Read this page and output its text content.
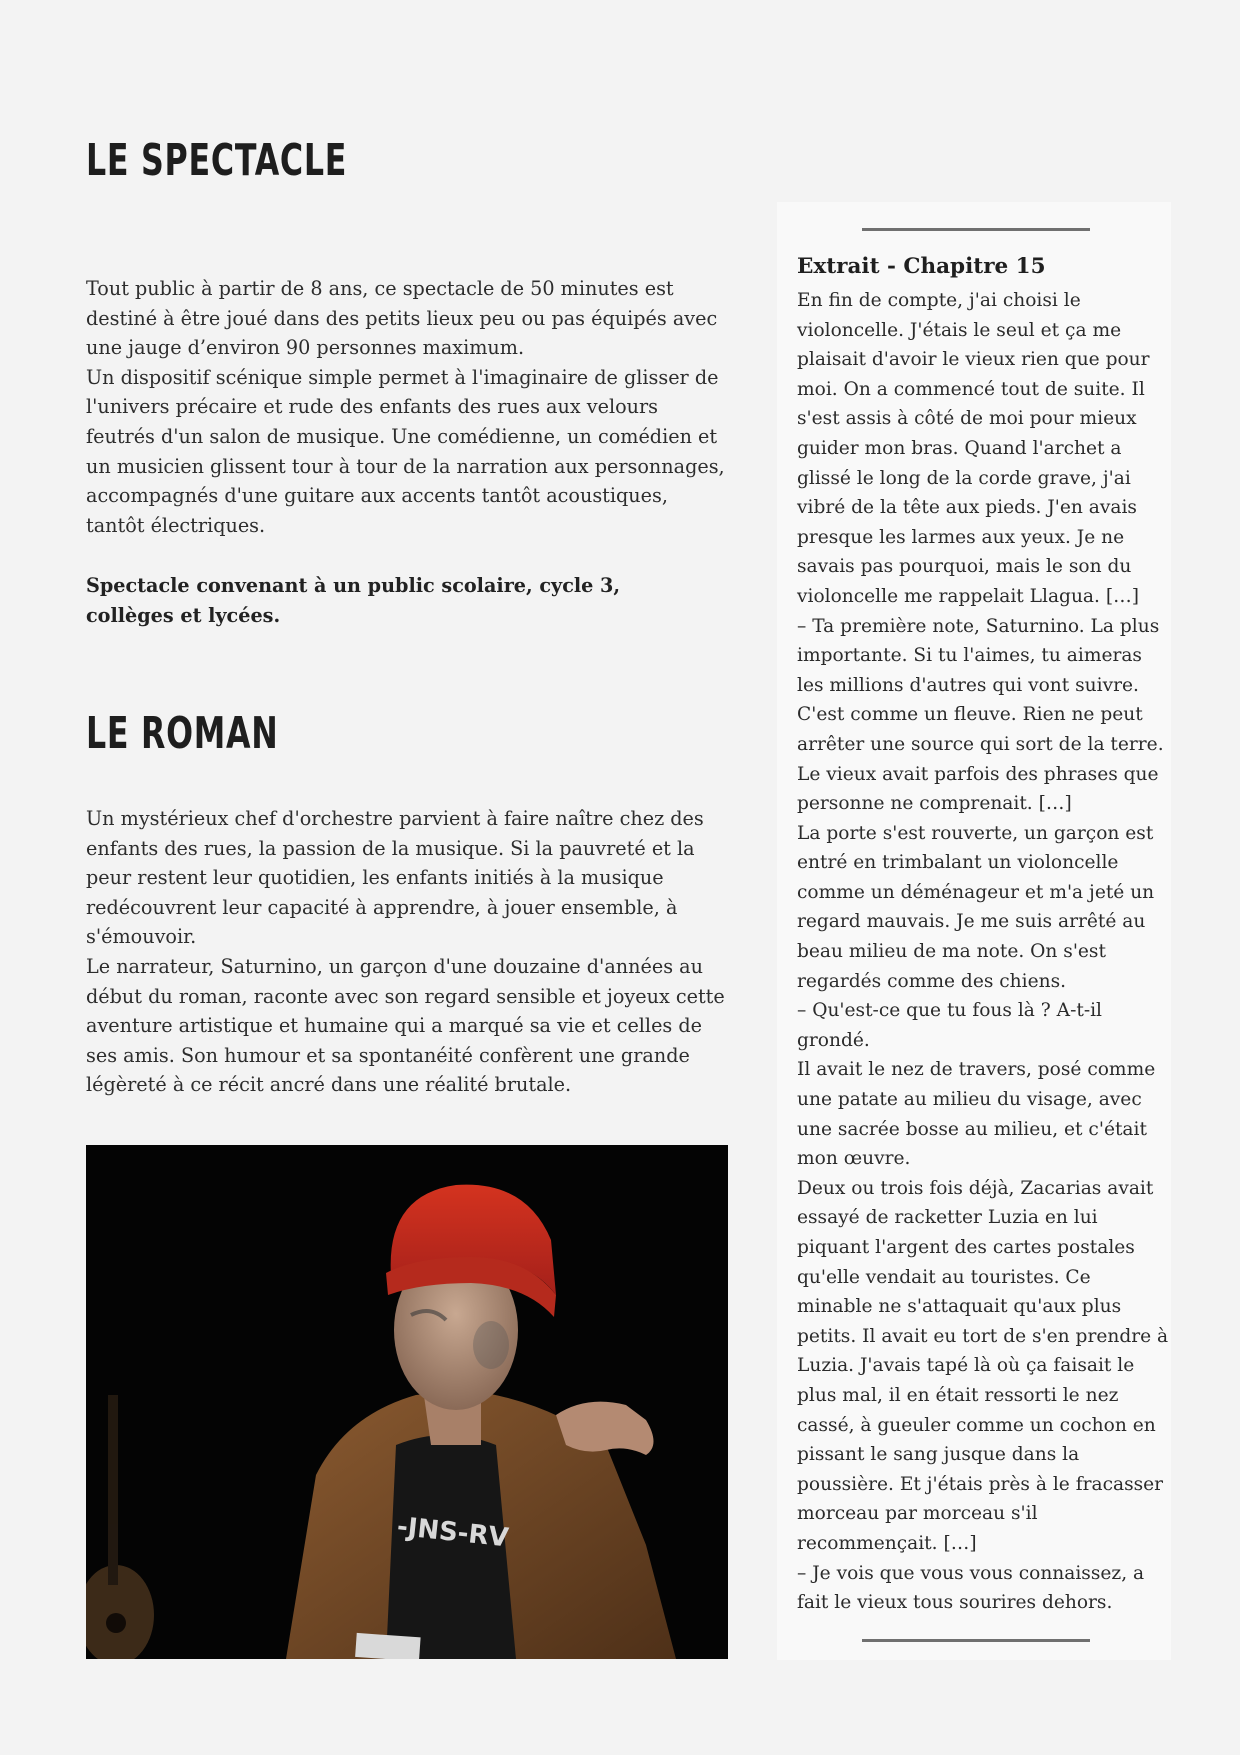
LE SPECTACLE

Tout public à partir de 8 ans, ce spectacle de 50 minutes est destiné à être joué dans des petits lieux peu ou pas équipés avec une jauge d’environ 90 personnes maximum.

Un dispositif scénique simple permet à l'imaginaire de glisser de l'univers précaire et rude des enfants des rues aux velours feutrés d'un salon de musique. Une comédienne, un comédien et un musicien glissent tour à tour de la narration aux personnages, accompagnés d'une guitare aux accents tantôt acoustiques, tantôt électriques.

Spectacle convenant à un public scolaire, cycle 3, collèges et lycées.

LE ROMAN

Un mystérieux chef d'orchestre parvient à faire naître chez des enfants des rues, la passion de la musique. Si la pauvreté et la peur restent leur quotidien, les enfants initiés à la musique redécouvrent leur capacité à apprendre, à jouer ensemble, à s'émouvoir.

Le narrateur, Saturnino, un garçon d'une douzaine d'années au début du roman, raconte avec son regard sensible et joyeux cette aventure artistique et humaine qui a marqué sa vie et celles de ses amis. Son humour et sa spontanéité confèrent une grande légèreté à ce récit ancré dans une réalité brutale.

-JNS-RV

Extrait - Chapitre 15

En fin de compte, j'ai choisi le violoncelle. J'étais le seul et ça me plaisait d'avoir le vieux rien que pour moi. On a commencé tout de suite. Il s'est assis à côté de moi pour mieux guider mon bras. Quand l'archet a glissé le long de la corde grave, j'ai vibré de la tête aux pieds. J'en avais presque les larmes aux yeux. Je ne savais pas pourquoi, mais le son du violoncelle me rappelait Llagua. […]

– Ta première note, Saturnino. La plus importante. Si tu l'aimes, tu aimeras les millions d'autres qui vont suivre. C'est comme un fleuve. Rien ne peut arrêter une source qui sort de la terre.

Le vieux avait parfois des phrases que personne ne comprenait. […]

La porte s'est rouverte, un garçon est entré en trimbalant un violoncelle comme un déménageur et m'a jeté un regard mauvais. Je me suis arrêté au beau milieu de ma note. On s'est regardés comme des chiens.

– Qu'est-ce que tu fous là ? A-t-il grondé.

Il avait le nez de travers, posé comme une patate au milieu du visage, avec une sacrée bosse au milieu, et c'était mon œuvre.

Deux ou trois fois déjà, Zacarias avait essayé de racketter Luzia en lui piquant l'argent des cartes postales qu'elle vendait au touristes. Ce minable ne s'attaquait qu'aux plus petits. Il avait eu tort de s'en prendre à Luzia. J'avais tapé là où ça faisait le plus mal, il en était ressorti le nez cassé, à gueuler comme un cochon en pissant le sang jusque dans la poussière. Et j'étais près à le fracasser morceau par morceau s'il recommençait. […]

– Je vois que vous vous connaissez, a fait le vieux tous sourires dehors.
